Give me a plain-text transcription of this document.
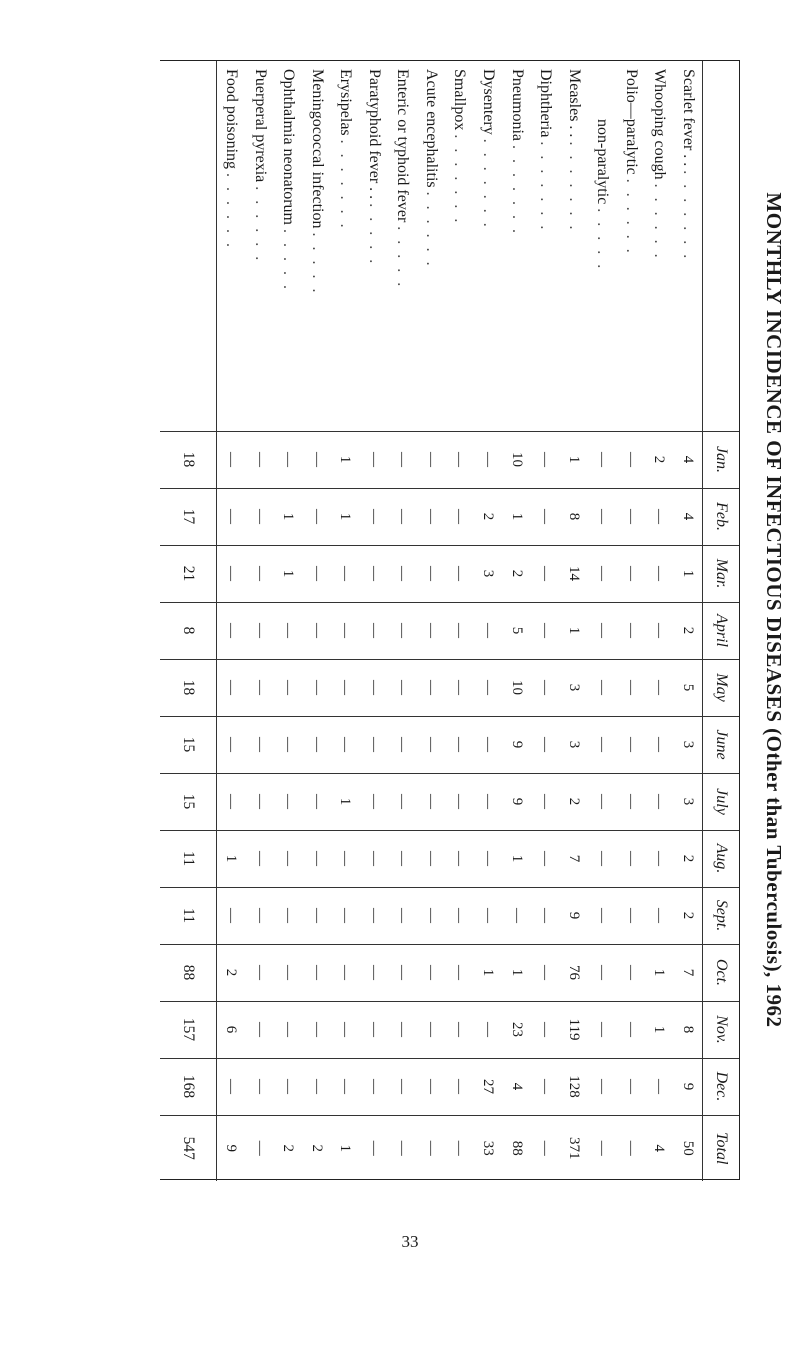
MONTHLY INCIDENCE OF INFECTIOUS DISEASES (Other than Tuberculosis), 1962
	Jan.	Feb.	Mar.	April	May	June	July	Aug.	Sept.	Oct.	Nov.	Dec.	Total
Scarlet fever . .. . . . . . .	4	4	1	2	5	3	3	2	2	7	8	9	50
Whooping cough. . . . . .	2	—	—	—	—	—	—	—	—	1	1	—	4
Polio—paralytic. . . . . .	—	—	—	—	—	—	—	—	—	—	—	—	—
non-paralytic. . . . .	—	—	—	—	—	—	—	—	—	—	—	—	—
Measles . .. . . . . . .	1	8	14	1	3	3	2	7	9	76	119	128	371
Diphtheria. . . . . . .	—	—	—	—	—	—	—	—	—	—	—	—	—
Pneumonia. . . . . . .	10	1	2	5	10	9	9	1	—	1	23	4	88
Dysentery. . . . . . .	—	2	3	—	—	—	—	—	—	1	—	27	33
Smallpox. . . . . . .	—	—	—	—	—	—	—	—	—	—	—	—	—
Acute encephalitis. . . . . .	—	—	—	—	—	—	—	—	—	—	—	—	—
Enteric or typhoid fever. . . . .	—	—	—	—	—	—	—	—	—	—	—	—	—
Paratyphoid fever . .. . . . .	—	—	—	—	—	—	—	—	—	—	—	—	—
Erysipelas. . . . . . .	1	1	—	—	—	—	1	—	—	—	—	—	1
Meningococcal infection. . . . .	—	—	—	—	—	—	—	—	—	—	—	—	2
Ophthalmia neonatorum. . . . .	—	1	1	—	—	—	—	—	—	—	—	—	2
Puerperal pyrexia. . . . . .	—	—	—	—	—	—	—	—	—	—	—	—	—
Food poisoning. . . . . .	—	—	—	—	—	—	—	1	—	2	6	—	9
	18	17	21	8	18	15	15	11	11	88	157	168	547
33
